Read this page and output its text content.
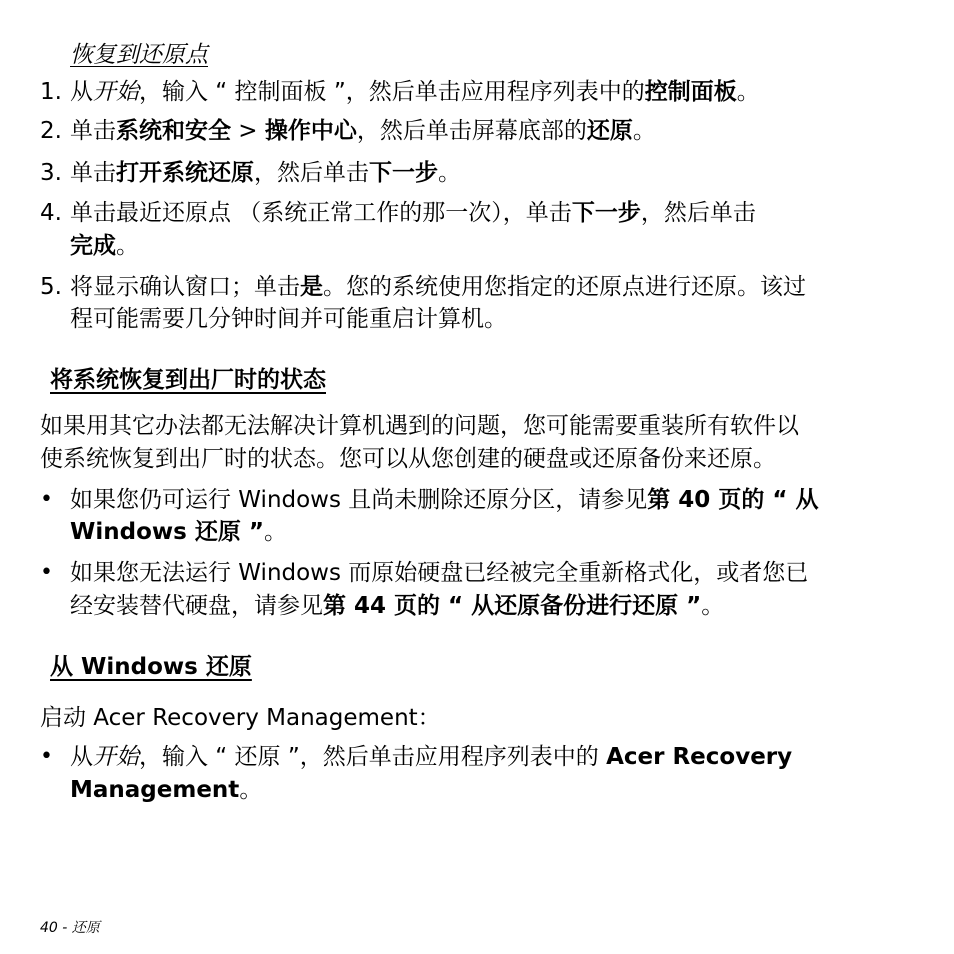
恢复到还原点
1. 从开始，输入 “ 控制面板 ”，然后单击应用程序列表中的控制面板。
2. 单击系统和安全 > 操作中心，然后单击屏幕底部的还原。
3. 单击打开系统还原，然后单击下一步。
4. 单击最近还原点 （系统正常工作的那一次），单击下一步，然后单击
完成。
5. 将显示确认窗口；单击是。您的系统使用您指定的还原点进行还原。该过
程可能需要几分钟时间并可能重启计算机。
将系统恢复到出厂时的状态
如果用其它办法都无法解决计算机遇到的问题，您可能需要重装所有软件以
使系统恢复到出厂时的状态。您可以从您创建的硬盘或还原备份来还原。
• 如果您仍可运行 Windows 且尚未删除还原分区，请参见第 40 页的 “ 从
Windows 还原 ”。
• 如果您无法运行 Windows 而原始硬盘已经被完全重新格式化，或者您已
经安装替代硬盘，请参见第 44 页的 “ 从还原备份进行还原 ”。
从 Windows 还原
启动 Acer Recovery Management：
• 从开始，输入 “ 还原 ”，然后单击应用程序列表中的 Acer Recovery
Management。
40 - 还原
